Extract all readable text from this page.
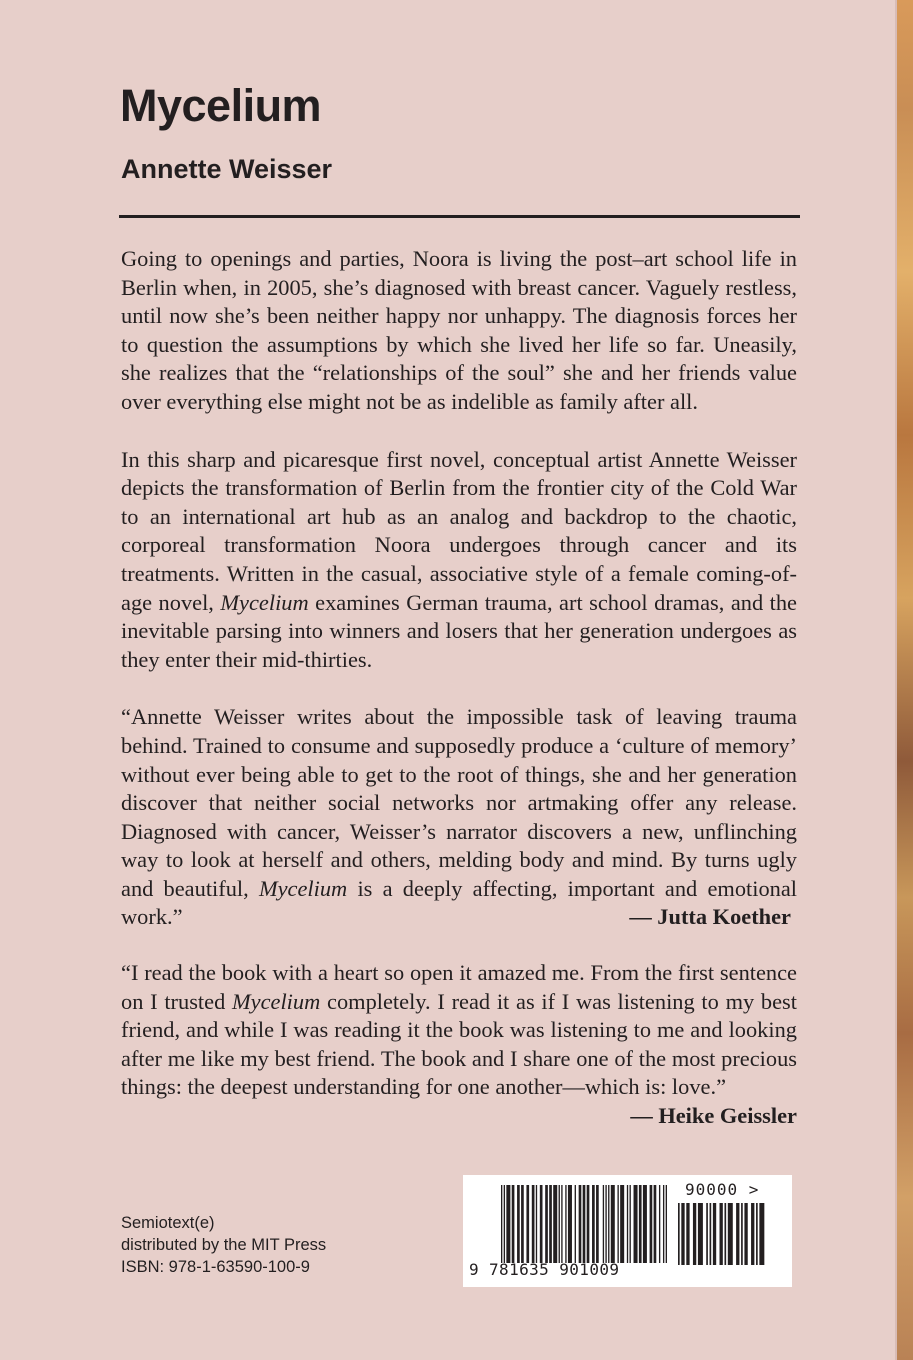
Mycelium
Annette Weisser

Going to openings and parties, Noora is living the post–art school life in Berlin when, in 2005, she’s diagnosed with breast cancer. Vaguely restless, until now she’s been neither happy nor unhappy. The diagnosis forces her to question the assumptions by which she lived her life so far. Uneasily, she realizes that the “relationships of the soul” she and her friends value over everything else might not be as indelible as family after all.

In this sharp and picaresque first novel, conceptual artist Annette Weisser depicts the transformation of Berlin from the frontier city of the Cold War to an international art hub as an analog and backdrop to the chaotic, corporeal transformation Noora undergoes through cancer and its treatments. Written in the casual, associative style of a female coming-of-age novel, Mycelium examines German trauma, art school dramas, and the inevitable parsing into winners and losers that her generation undergoes as they enter their mid-thirties.

“Annette Weisser writes about the impossible task of leaving trauma behind. Trained to consume and supposedly produce a ‘culture of memory’ without ever being able to get to the root of things, she and her generation discover that neither social networks nor artmaking offer any release. Diagnosed with cancer, Weisser’s narrator discovers a new, unflinching way to look at herself and others, melding body and mind. By turns ugly and beautiful, Mycelium is a deeply affecting, important and emotional work.”	— Jutta Koether

“I read the book with a heart so open it amazed me. From the first sentence on I trusted Mycelium completely. I read it as if I was listening to my best friend, and while I was reading it the book was listening to me and looking after me like my best friend. The book and I share one of the most precious things: the deepest understanding for one another—which is: love.”
— Heike Geissler

Semiotext(e)
distributed by the MIT Press
ISBN: 978-1-63590-100-9	9 781635 901009
90000 >
